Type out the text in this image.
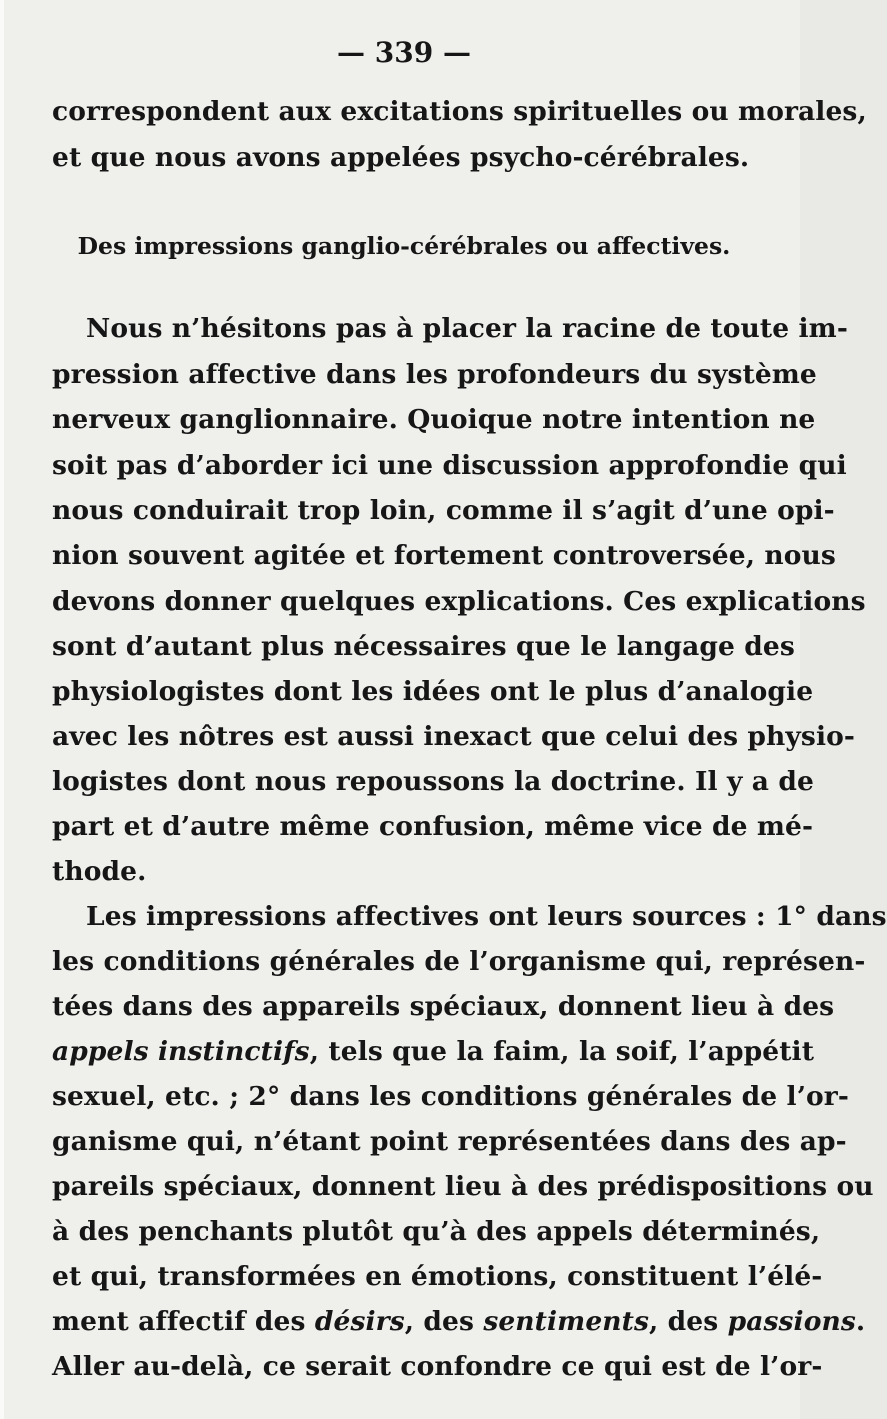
— 339 —
correspondent aux excitations spirituelles ou morales,
et que nous avons appelées psycho-cérébrales.
Des impressions ganglio-cérébrales ou affectives.
Nous n’hésitons pas à placer la racine de toute im-
pression affective dans les profondeurs du système
nerveux ganglionnaire. Quoique notre intention ne
soit pas d’aborder ici une discussion approfondie qui
nous conduirait trop loin, comme il s’agit d’une opi-
nion souvent agitée et fortement controversée, nous
devons donner quelques explications. Ces explications
sont d’autant plus nécessaires que le langage des
physiologistes dont les idées ont le plus d’analogie
avec les nôtres est aussi inexact que celui des physio-
logistes dont nous repoussons la doctrine. Il y a de
part et d’autre même confusion, même vice de mé-
thode.
Les impressions affectives ont leurs sources : 1° dans
les conditions générales de l’organisme qui, représen-
tées dans des appareils spéciaux, donnent lieu à des
appels instinctifs, tels que la faim, la soif, l’appétit
sexuel, etc. ; 2° dans les conditions générales de l’or-
ganisme qui, n’étant point représentées dans des ap-
pareils spéciaux, donnent lieu à des prédispositions ou
à des penchants plutôt qu’à des appels déterminés,
et qui, transformées en émotions, constituent l’élé-
ment affectif des désirs, des sentiments, des passions.
Aller au-delà, ce serait confondre ce qui est de l’or-
